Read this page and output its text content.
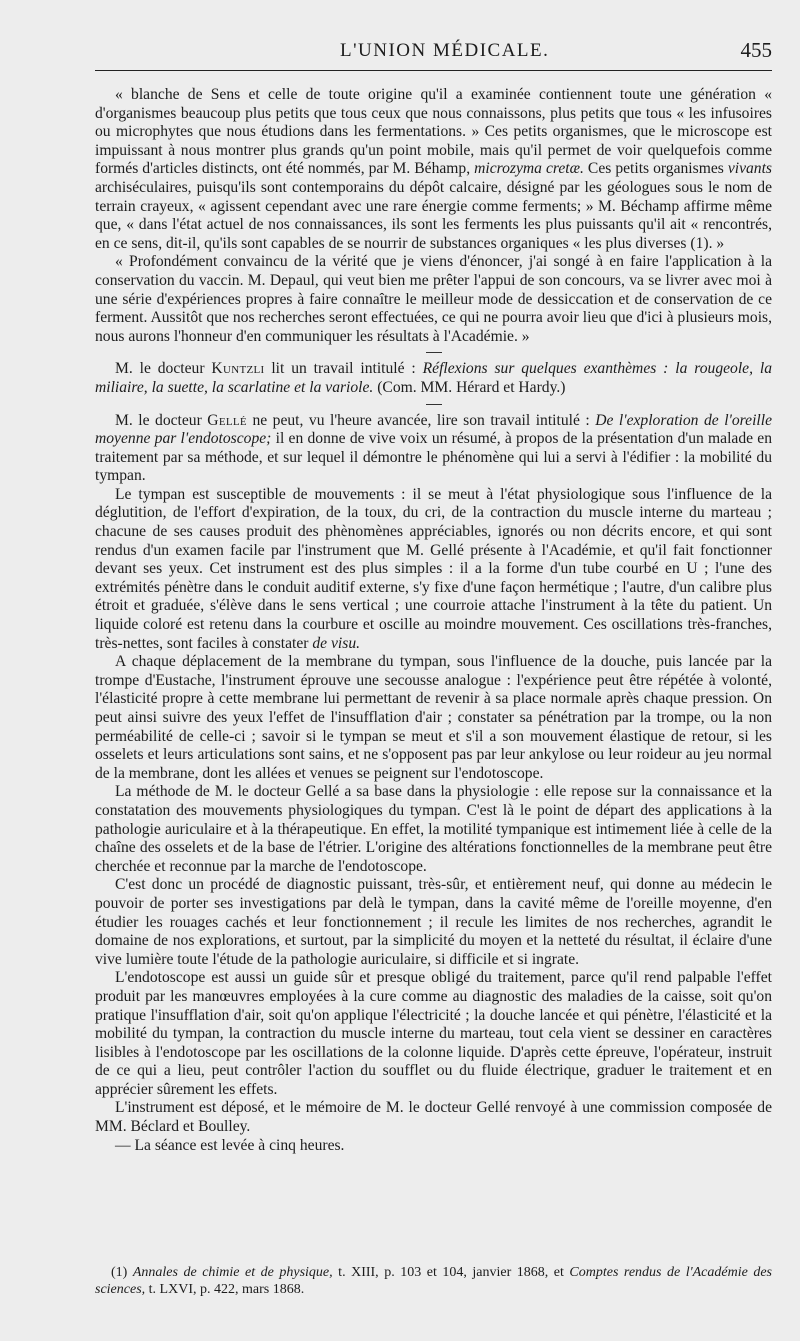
L'UNION MÉDICALE.	455

« blanche de Sens et celle de toute origine qu'il a examinée contiennent toute une génération « d'organismes beaucoup plus petits que tous ceux que nous connaissons, plus petits que tous « les infusoires ou microphytes que nous étudions dans les fermentations. » Ces petits organismes, que le microscope est impuissant à nous montrer plus grands qu'un point mobile, mais qu'il permet de voir quelquefois comme formés d'articles distincts, ont été nommés, par M. Béhamp, microzyma cretæ. Ces petits organismes vivants archiséculaires, puisqu'ils sont contemporains du dépôt calcaire, désigné par les géologues sous le nom de terrain crayeux, « agissent cependant avec une rare énergie comme ferments; » M. Béchamp affirme même que, « dans l'état actuel de nos connaissances, ils sont les ferments les plus puissants qu'il ait « rencontrés, en ce sens, dit-il, qu'ils sont capables de se nourrir de substances organiques « les plus diverses (1). »

« Profondément convaincu de la vérité que je viens d'énoncer, j'ai songé à en faire l'application à la conservation du vaccin. M. Depaul, qui veut bien me prêter l'appui de son concours, va se livrer avec moi à une série d'expériences propres à faire connaître le meilleur mode de dessiccation et de conservation de ce ferment. Aussitôt que nos recherches seront effectuées, ce qui ne pourra avoir lieu que d'ici à plusieurs mois, nous aurons l'honneur d'en communiquer les résultats à l'Académie. »

M. le docteur Kuntzli lit un travail intitulé : Réflexions sur quelques exanthèmes : la rougeole, la miliaire, la suette, la scarlatine et la variole. (Com. MM. Hérard et Hardy.)

M. le docteur Gellé ne peut, vu l'heure avancée, lire son travail intitulé : De l'exploration de l'oreille moyenne par l'endotoscope; il en donne de vive voix un résumé, à propos de la présentation d'un malade en traitement par sa méthode, et sur lequel il démontre le phénomène qui lui a servi à l'édifier : la mobilité du tympan.

Le tympan est susceptible de mouvements : il se meut à l'état physiologique sous l'influence de la déglutition, de l'effort d'expiration, de la toux, du cri, de la contraction du muscle interne du marteau ; chacune de ses causes produit des phènomènes appréciables, ignorés ou non décrits encore, et qui sont rendus d'un examen facile par l'instrument que M. Gellé présente à l'Académie, et qu'il fait fonctionner devant ses yeux. Cet instrument est des plus simples : il a la forme d'un tube courbé en U ; l'une des extrémités pénètre dans le conduit auditif externe, s'y fixe d'une façon hermétique ; l'autre, d'un calibre plus étroit et graduée, s'élève dans le sens vertical ; une courroie attache l'instrument à la tête du patient. Un liquide coloré est retenu dans la courbure et oscille au moindre mouvement. Ces oscillations très-franches, très-nettes, sont faciles à constater de visu.

A chaque déplacement de la membrane du tympan, sous l'influence de la douche, puis lancée par la trompe d'Eustache, l'instrument éprouve une secousse analogue : l'expérience peut être répétée à volonté, l'élasticité propre à cette membrane lui permettant de revenir à sa place normale après chaque pression. On peut ainsi suivre des yeux l'effet de l'insufflation d'air ; constater sa pénétration par la trompe, ou la non perméabilité de celle-ci ; savoir si le tympan se meut et s'il a son mouvement élastique de retour, si les osselets et leurs articulations sont sains, et ne s'opposent pas par leur ankylose ou leur roideur au jeu normal de la membrane, dont les allées et venues se peignent sur l'endotoscope.

La méthode de M. le docteur Gellé a sa base dans la physiologie : elle repose sur la connaissance et la constatation des mouvements physiologiques du tympan. C'est là le point de départ des applications à la pathologie auriculaire et à la thérapeutique. En effet, la motilité tympanique est intimement liée à celle de la chaîne des osselets et de la base de l'étrier. L'origine des altérations fonctionnelles de la membrane peut être cherchée et reconnue par la marche de l'endotoscope.

C'est donc un procédé de diagnostic puissant, très-sûr, et entièrement neuf, qui donne au médecin le pouvoir de porter ses investigations par delà le tympan, dans la cavité même de l'oreille moyenne, d'en étudier les rouages cachés et leur fonctionnement ; il recule les limites de nos recherches, agrandit le domaine de nos explorations, et surtout, par la simplicité du moyen et la netteté du résultat, il éclaire d'une vive lumière toute l'étude de la pathologie auriculaire, si difficile et si ingrate.

L'endotoscope est aussi un guide sûr et presque obligé du traitement, parce qu'il rend palpable l'effet produit par les manœuvres employées à la cure comme au diagnostic des maladies de la caisse, soit qu'on pratique l'insufflation d'air, soit qu'on applique l'électricité ; la douche lancée et qui pénètre, l'élasticité et la mobilité du tympan, la contraction du muscle interne du marteau, tout cela vient se dessiner en caractères lisibles à l'endotoscope par les oscillations de la colonne liquide. D'après cette épreuve, l'opérateur, instruit de ce qui a lieu, peut contrôler l'action du soufflet ou du fluide électrique, graduer le traitement et en apprécier sûrement les effets.

L'instrument est déposé, et le mémoire de M. le docteur Gellé renvoyé à une commission composée de MM. Béclard et Boulley.

— La séance est levée à cinq heures.

(1) Annales de chimie et de physique, t. XIII, p. 103 et 104, janvier 1868, et Comptes rendus de l'Académie des sciences, t. LXVI, p. 422, mars 1868.
